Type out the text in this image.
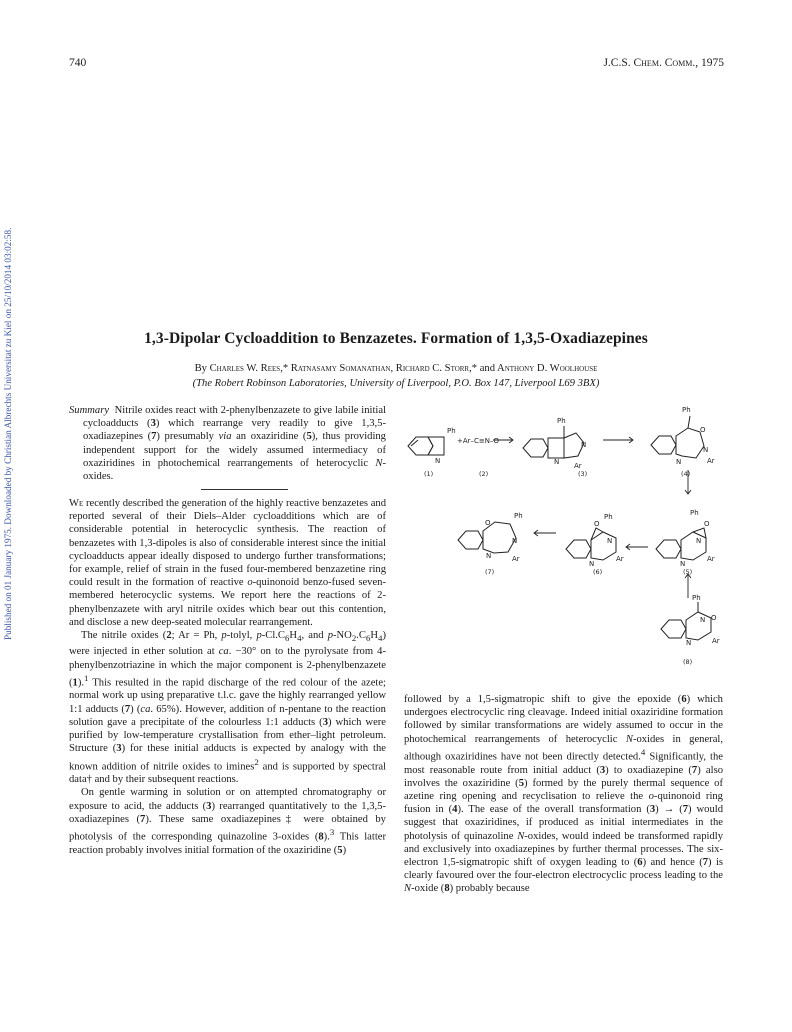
Published on 01 January 1975. Downloaded by Christian Albrechts Universitat zu Kiel on 25/10/2014 03:02:58.
740	J.C.S. Chem. Comm., 1975
1,3-Dipolar Cycloaddition to Benzazetes. Formation of 1,3,5-Oxadiazepines
By Charles W. Rees,* Ratnasamy Somanathan, Richard C. Storr,* and Anthony D. Woolhouse
(The Robert Robinson Laboratories, University of Liverpool, P.O. Box 147, Liverpool L69 3BX)

Summary  Nitrile oxides react with 2-phenylbenzazete to give labile initial cycloadducts (3) which rearrange very readily to give 1,3,5-oxadiazepines (7) presumably via an oxaziridine (5), thus providing independent support for the widely assumed intermediacy of oxaziridines in photochemical rearrangements of heterocyclic N-oxides.

We recently described the generation of the highly reactive benzazetes and reported several of their Diels–Alder cycloadditions which are of considerable potential in heterocyclic synthesis. The reaction of benzazetes with 1,3-dipoles is also of considerable interest since the initial cycloadducts appear ideally disposed to undergo further transformations; for example, relief of strain in the fused four-membered benzazetine ring could result in the formation of reactive o-quinonoid benzo-fused seven-membered heterocyclic systems. We report here the reactions of 2-phenylbenzazete with aryl nitrile oxides which bear out this contention, and disclose a new deep-seated molecular rearrangement.

The nitrile oxides (2; Ar = Ph, p-tolyl, $p-Cl.C_6H_4$, and $p-NO_2.C_6H_4$) were injected in ether solution at ca. −30° on to the pyrolysate from 4-phenylbenzotriazine in which the major component is 2-phenylbenzazete (1).$^1$ This resulted in the rapid discharge of the red colour of the azete; normal work up using preparative t.l.c. gave the highly rearranged yellow 1:1 adducts (7) (ca. 65%). However, addition of n-pentane to the reaction solution gave a precipitate of the colourless 1:1 adducts (3) which were purified by low-temperature crystallisation from ether–light petroleum. Structure (3) for these initial adducts is expected by analogy with the known addition of nitrile oxides to imines$^2$ and is supported by spectral data† and by their subsequent reactions.

On gentle warming in solution or on attempted chromatography or exposure to acid, the adducts (3) rearranged quantitatively to the 1,3,5-oxadiazepines (7). These same oxadiazepines‡ were obtained by photolysis of the corresponding quinazoline 3-oxides (8).$^3$ This latter reaction probably involves initial formation of the oxaziridine (5)

followed by a 1,5-sigmatropic shift to give the epoxide (6) which undergoes electrocyclic ring cleavage. Indeed initial oxaziridine formation followed by similar transformations are widely assumed to occur in the photochemical rearrangements of heterocyclic N-oxides in general, although oxaziridines have not been directly detected.$^4$ Significantly, the most reasonable route from initial adduct (3) to oxadiazepine (7) also involves the oxaziridine (5) formed by the purely thermal sequence of azetine ring opening and recyclisation to relieve the o-quinonoid ring fusion in (4). The ease of the overall transformation (3) → (7) would suggest that oxaziridines, if produced as initial intermediates in the photolysis of quinazoline N-oxides, would indeed be transformed rapidly and exclusively into oxadiazepines by further thermal processes. The six-electron 1,5-sigmatropic shift of oxygen leading to (6) and hence (7) is clearly favoured over the four-electron electrocyclic process leading to the N-oxide (8) probably because

N
Ph
+Ar–C≡N–O
Ph
N
N
Ar
Ph
O
N
N	Ar
Ph
O
N
N
Ar
O
Ph
N
N
Ar
O
Ph
N
N	Ar
Ph
N O
N	Ar
(1)	(2)	(3)	(4)
(5)
(6)
(7)
(8)
